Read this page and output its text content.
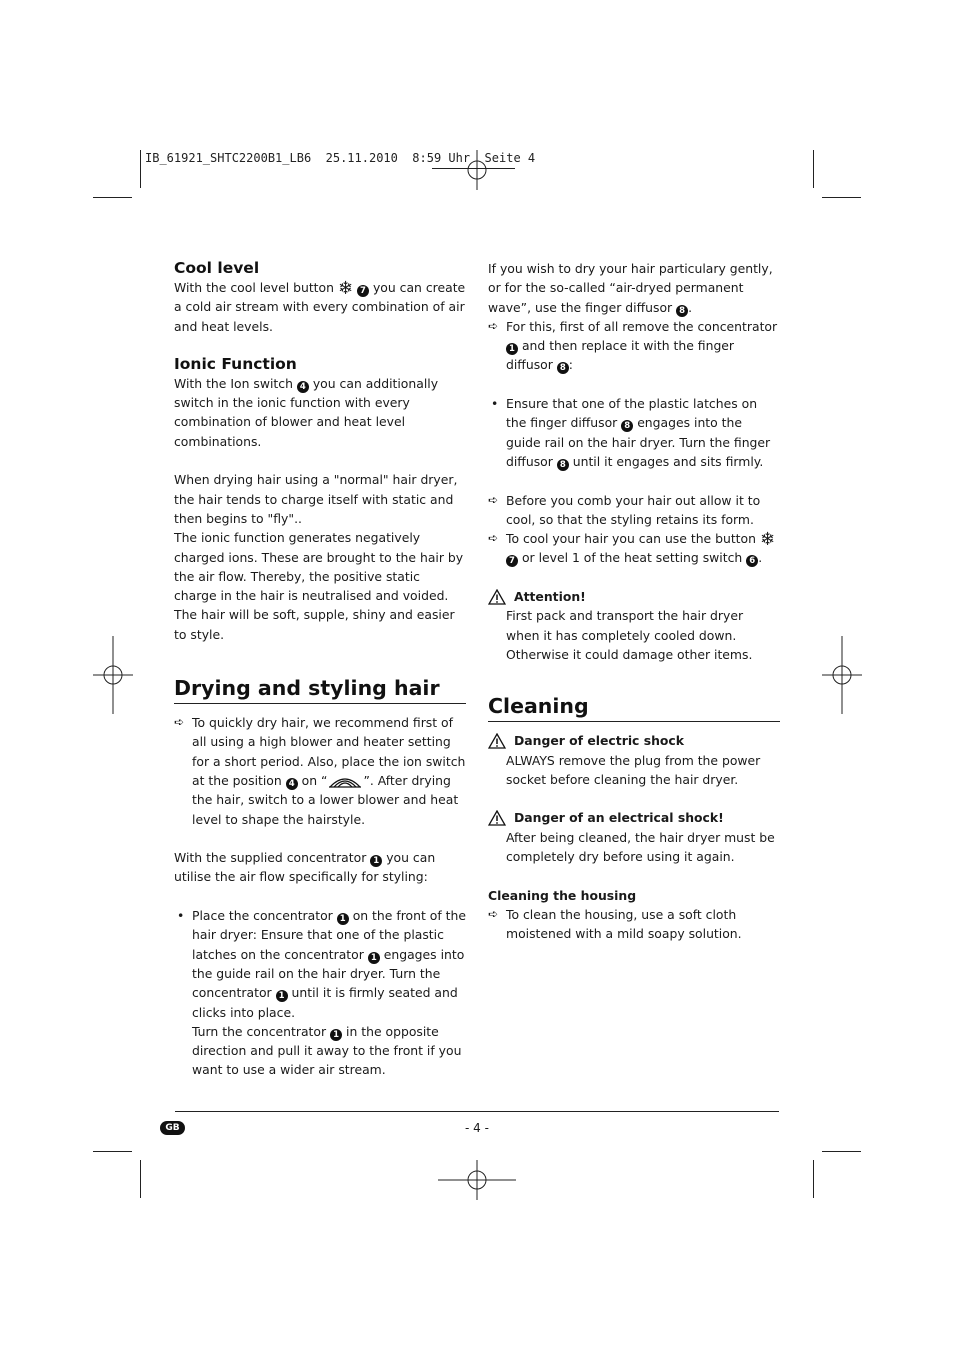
IB_61921_SHTC2200B1_LB6  25.11.2010  8:59 Uhr  Seite 4
Cool level

With the cool level button ❄ 7 you can create a cold air stream with every combination of air and heat levels.

Ionic Function

With the Ion switch 4 you can additionally switch in the ionic function with every combination of blower and heat level combinations.

When drying hair using a "normal" hair dryer, the hair tends to charge itself with static and then begins to "fly"..

The ionic function generates negatively charged ions. These are brought to the hair by the air flow. Thereby, the positive static charge in the hair is neutralised and voided. The hair will be soft, supple, shiny and easier to style.

Drying and styling hair
➪ To quickly dry hair, we recommend first of all using a high blower and heater setting for a short period. Also, place the ion switch at the position 4 on “	”. After drying the hair, switch to a lower blower and heat level to shape the hairstyle.

With the supplied concentrator 1 you can utilise the air flow specifically for styling:

• Place the concentrator 1 on the front of the hair dryer: Ensure that one of the plastic latches on the concentrator 1 engages into the guide rail on the hair dryer. Turn the concentrator 1 until it is firmly seated and clicks into place.
Turn the concentrator 1 in the opposite direction and pull it away to the front if you want to use a wider air stream.

If you wish to dry your hair particulary gently, or for the so-called “air-dryed permanent wave”, use the finger diffusor 8 .

➪ For this, first of all remove the concentrator 1 and then replace it with the finger diffusor 8 :
• Ensure that one of the plastic latches on the finger diffusor 8 engages into the guide rail on the hair dryer. Turn the finger diffusor 8 until it engages and sits firmly.
➪ Before you comb your hair out allow it to cool, so that the styling retains its form.
➪ To cool your hair you can use the button ❄ 7 or level 1 of the heat setting switch 6 .
Attention!

First pack and transport the hair dryer when it has completely cooled down. Otherwise it could damage other items.

Cleaning
Danger of electric shock

ALWAYS remove the plug from the power socket before cleaning the hair dryer.

Danger of an electrical shock!

After being cleaned, the hair dryer must be completely dry before using it again.

Cleaning the housing

➪ To clean the housing, use a soft cloth moistened with a mild soapy solution.
GB	- 4 -
